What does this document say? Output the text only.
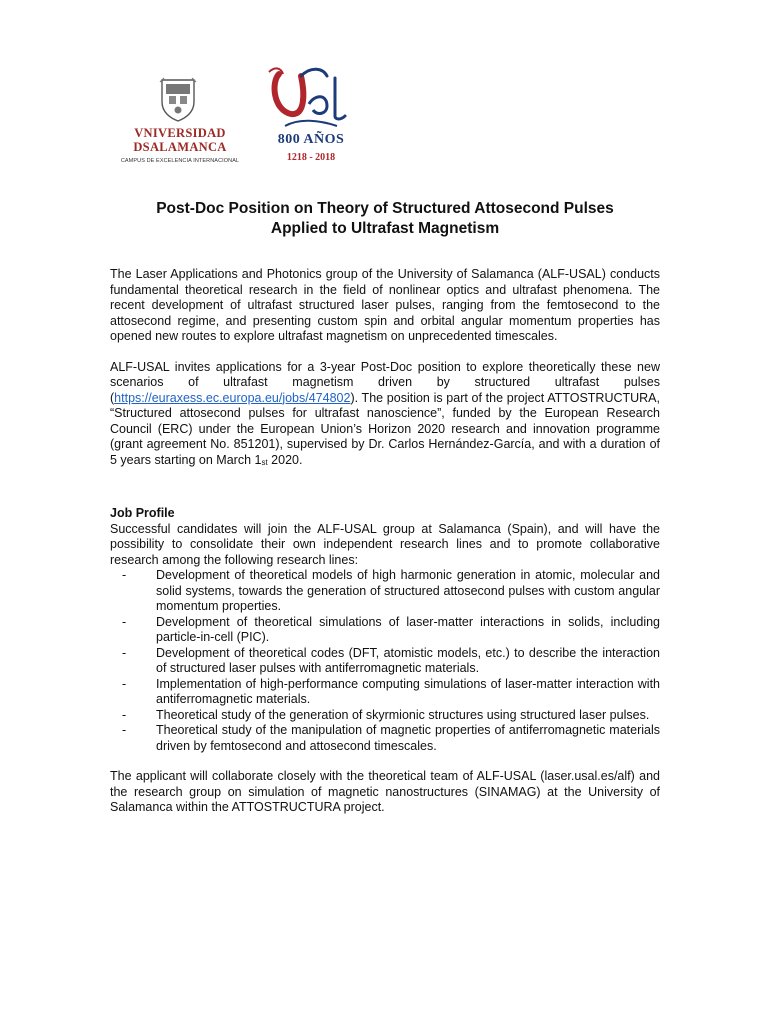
VNIVERSIDAD
DSALAMANCA
CAMPUS DE EXCELENCIA INTERNACIONAL
800 AÑOS
1218 - 2018
Post-Doc Position on Theory of Structured Attosecond Pulses
Applied to Ultrafast Magnetism

The Laser Applications and Photonics group of the University of Salamanca (ALF-USAL) conducts fundamental theoretical research in the field of nonlinear optics and ultrafast phenomena. The recent development of ultrafast structured laser pulses, ranging from the femtosecond to the attosecond regime, and presenting custom spin and orbital angular momentum properties has opened new routes to explore ultrafast magnetism on unprecedented timescales.

ALF-USAL invites applications for a 3-year Post-Doc position to explore theoretically these new scenarios of ultrafast magnetism driven by structured ultrafast pulses (https://euraxess.ec.europa.eu/jobs/474802). The position is part of the project ATTOSTRUCTURA, “Structured attosecond pulses for ultrafast nanoscience”, funded by the European Research Council (ERC) under the European Union’s Horizon 2020 research and innovation programme (grant agreement No. 851201), supervised by Dr. Carlos Hernández-García, and with a duration of 5 years starting on March $1_{st}$ 2020.

Job Profile

Successful candidates will join the ALF-USAL group at Salamanca (Spain), and will have the possibility to consolidate their own independent research lines and to promote collaborative research among the following research lines:

- Development of theoretical models of high harmonic generation in atomic, molecular and solid systems, towards the generation of structured attosecond pulses with custom angular momentum properties.
- Development of theoretical simulations of laser-matter interactions in solids, including particle-in-cell (PIC).
- Development of theoretical codes (DFT, atomistic models, etc.) to describe the interaction of structured laser pulses with antiferromagnetic materials.
- Implementation of high-performance computing simulations of laser-matter interaction with antiferromagnetic materials.
- Theoretical study of the generation of skyrmionic structures using structured laser pulses.
- Theoretical study of the manipulation of magnetic properties of antiferromagnetic materials driven by femtosecond and attosecond timescales.

The applicant will collaborate closely with the theoretical team of ALF-USAL (laser.usal.es/alf) and the research group on simulation of magnetic nanostructures (SINAMAG) at the University of Salamanca within the ATTOSTRUCTURA project.
